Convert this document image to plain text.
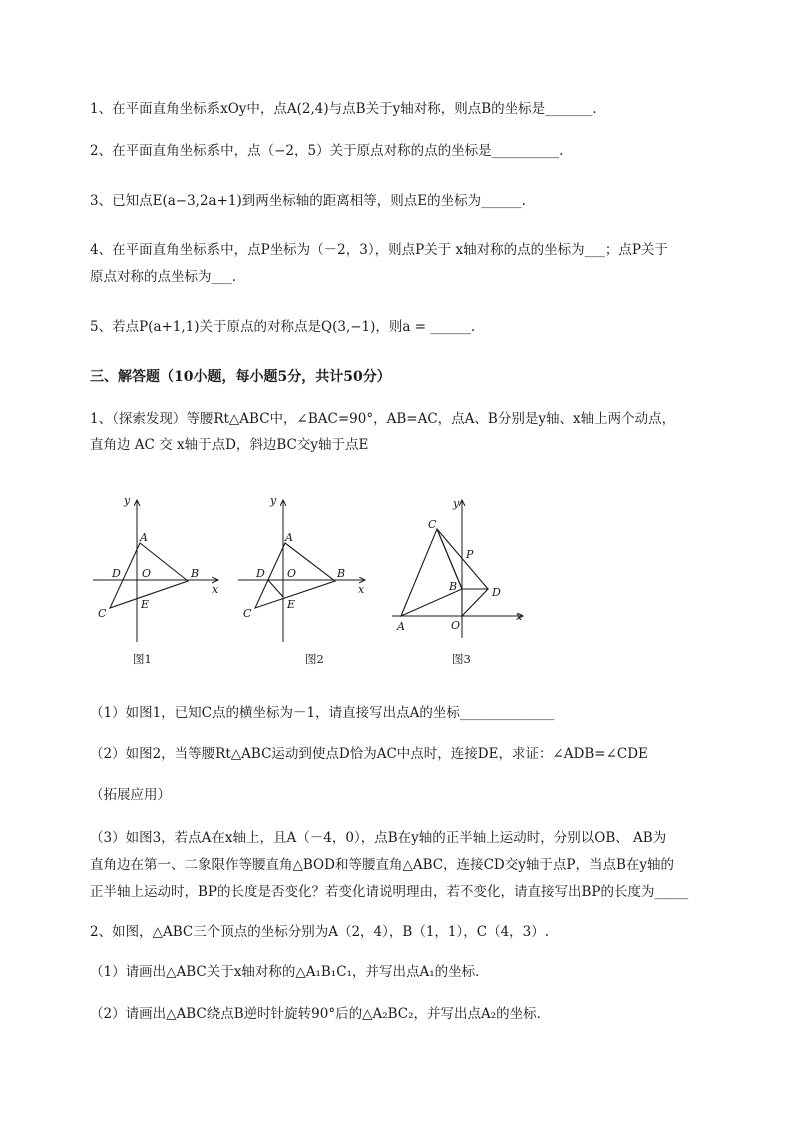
1、在平面直角坐标系xOy中，点A(2,4)与点B关于y轴对称，则点B的坐标是_______.
2、在平面直角坐标系中，点（−2，5）关于原点对称的点的坐标是__________.
3、已知点E(a−3,2a+1)到两坐标轴的距离相等，则点E的坐标为______.
4、在平面直角坐标系中，点P坐标为（－2，3），则点P关于 x轴对称的点的坐标为___；点P关于
原点对称的点坐标为___.
5、若点P(a+1,1)关于原点的对称点是Q(3,−1)，则a = ______.
三、解答题（10小题，每小题5分，共计50分）
1、（探索发现）等腰Rt△ABC中，∠BAC=90°，AB=AC，点A、B分别是y轴、x轴上两个动点，
直角边 AC 交 x轴于点D，斜边BC交y轴于点E
y
x
A
B
C
D O
E
图1
y
x
A
B
C
D O
E
图2
y
x
A
B
C
D
O
P
图3
（1）如图1，已知C点的横坐标为－1，请直接写出点A的坐标______________
（2）如图2，当等腰Rt△ABC运动到使点D恰为AC中点时，连接DE，求证：∠ADB=∠CDE
（拓展应用）
（3）如图3，若点A在x轴上，且A（－4，0），点B在y轴的正半轴上运动时，分别以OB、 AB为
直角边在第一、二象限作等腰直角△BOD和等腰直角△ABC，连接CD交y轴于点P，当点B在y轴的
正半轴上运动时，BP的长度是否变化？若变化请说明理由，若不变化，请直接写出BP的长度为_____
2、如图，△ABC三个顶点的坐标分别为A（2，4），B（1，1），C（4，3）.
（1）请画出△ABC关于x轴对称的△A₁B₁C₁，并写出点A₁的坐标．
（2）请画出△ABC绕点B逆时针旋转90°后的△A₂BC₂，并写出点A₂的坐标．
